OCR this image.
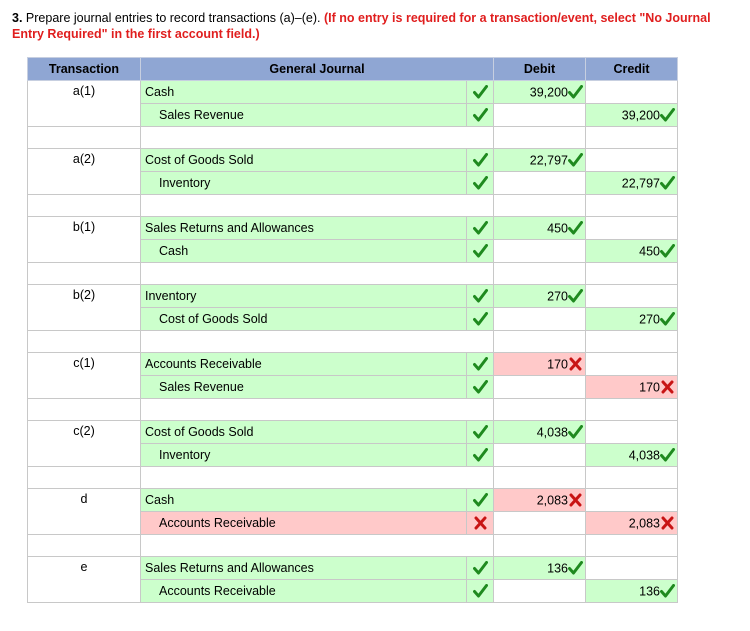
3. Prepare journal entries to record transactions (a)–(e). (If no entry is required for a transaction/event, select "No Journal Entry Required" in the first account field.)
Transaction	General Journal		Debit	Credit
a(1)	Cash		39,200	
	Sales Revenue			39,200

a(2)	Cost of Goods Sold		22,797	
	Inventory			22,797

b(1)	Sales Returns and Allowances		450	
	Cash			450

b(2)	Inventory		270	
	Cost of Goods Sold			270

c(1)	Accounts Receivable		170	
	Sales Revenue			170

c(2)	Cost of Goods Sold		4,038	
	Inventory			4,038

d	Cash		2,083	
	Accounts Receivable			2,083

e	Sales Returns and Allowances		136	
	Accounts Receivable			136
